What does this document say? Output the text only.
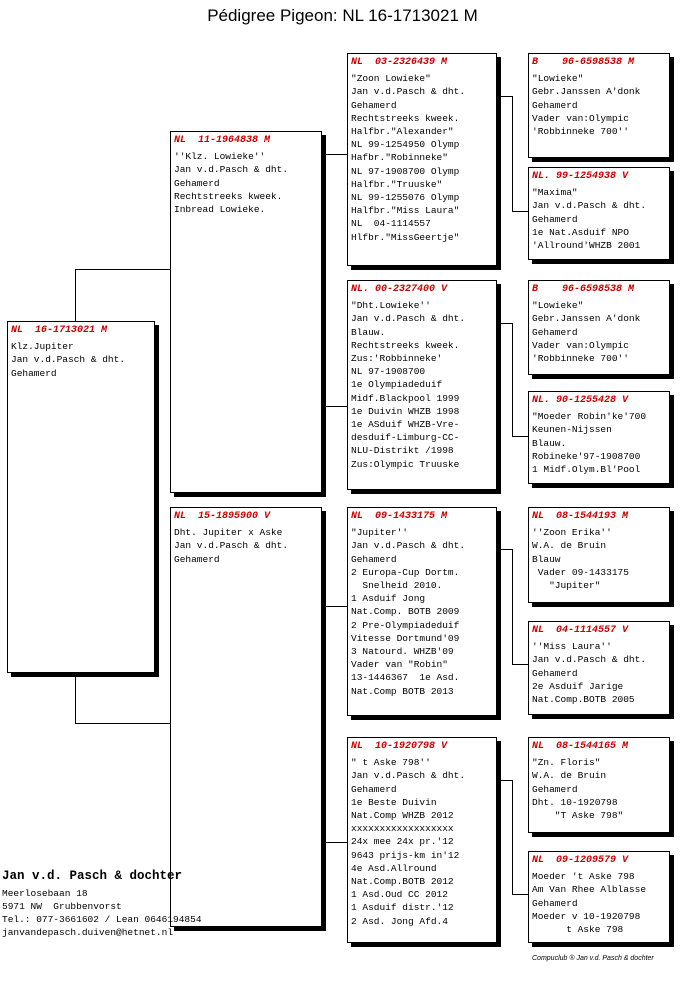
Pédigree Pigeon: NL 16-1713021 M
NL  16-1713021 M
Klz.Jupiter
Jan v.d.Pasch & dht.
Gehamerd
NL  11-1964838 M
''Klz. Lowieke''
Jan v.d.Pasch & dht.
Gehamerd
Rechtstreeks kweek.
Inbread Lowieke.
NL  15-1895900 V
Dht. Jupiter x Aske
Jan v.d.Pasch & dht.
Gehamerd
NL  03-2326439 M
"Zoon Lowieke"
Jan v.d.Pasch & dht.
Gehamerd
Rechtstreeks kweek.
Halfbr."Alexander"
NL 99-1254950 Olymp
Hafbr."Robinneke"
NL 97-1908700 Olymp
Halfbr."Truuske"
NL 99-1255076 Olymp
Halfbr."Miss Laura"
NL  04-1114557
Hlfbr."MissGeertje"
NL. 00-2327400 V
"Dht.Lowieke''
Jan v.d.Pasch & dht.
Blauw.
Rechtstreeks kweek.
Zus:'Robbinneke'
NL 97-1908700
1e Olympiadeduif
Midf.Blackpool 1999
1e Duivin WHZB 1998
1e ASduif WHZB-Vre-
desduif-Limburg-CC-
NLU-Distrikt /1998
Zus:Olympic Truuske
NL  09-1433175 M
"Jupiter''
Jan v.d.Pasch & dht.
Gehamerd
2 Europa-Cup Dortm.
Snelheid 2010.
1 Asduif Jong
Nat.Comp. BOTB 2009
2 Pre-Olympiadeduif
Vitesse Dortmund'09
3 Natourd. WHZB'09
Vader van "Robin"
13-1446367  1e Asd.
Nat.Comp BOTB 2013
NL  10-1920798 V
" t Aske 798''
Jan v.d.Pasch & dht.
Gehamerd
1e Beste Duivin
Nat.Comp WHZB 2012
xxxxxxxxxxxxxxxxxx
24x mee 24x pr.'12
9643 prijs-km in'12
4e Asd.Allround
Nat.Comp.BOTB 2012
1 Asd.Oud CC 2012
1 Asduif distr.'12
2 Asd. Jong Afd.4
B    96-6598538 M
"Lowieke"
Gebr.Janssen A'donk
Gehamerd
Vader van:Olympic
'Robbinneke 700''
NL. 99-1254938 V
"Maxima"
Jan v.d.Pasch & dht.
Gehamerd
1e Nat.Asduif NPO
'Allround'WHZB 2001
B    96-6598538 M
"Lowieke"
Gebr.Janssen A'donk
Gehamerd
Vader van:Olympic
'Robbinneke 700''
NL. 90-1255428 V
"Moeder Robin'ke'700
Keunen-Nijssen
Blauw.
Robineke'97-1908700
1 Midf.Olym.Bl'Pool
NL  08-1544193 M
''Zoon Erika''
W.A. de Bruin
Blauw
Vader 09-1433175
"Jupiter"
NL  04-1114557 V
''Miss Laura''
Jan v.d.Pasch & dht.
Gehamerd
2e Asduif Jarige
Nat.Comp.BOTB 2005
NL  08-1544165 M
"Zn. Floris"
W.A. de Bruin
Gehamerd
Dht. 10-1920798
"T Aske 798"
NL  09-1209579 V
Moeder 't Aske 798
Am Van Rhee Alblasse
Gehamerd
Moeder v 10-1920798
t Aske 798
Jan v.d. Pasch & dochter
Meerlosebaan 18
5971 NW  Grubbenvorst
Tel.: 077-3661602 / Lean 0646194854
janvandepasch.duiven@hetnet.nl
Compuclub ® Jan v.d. Pasch & dochter
